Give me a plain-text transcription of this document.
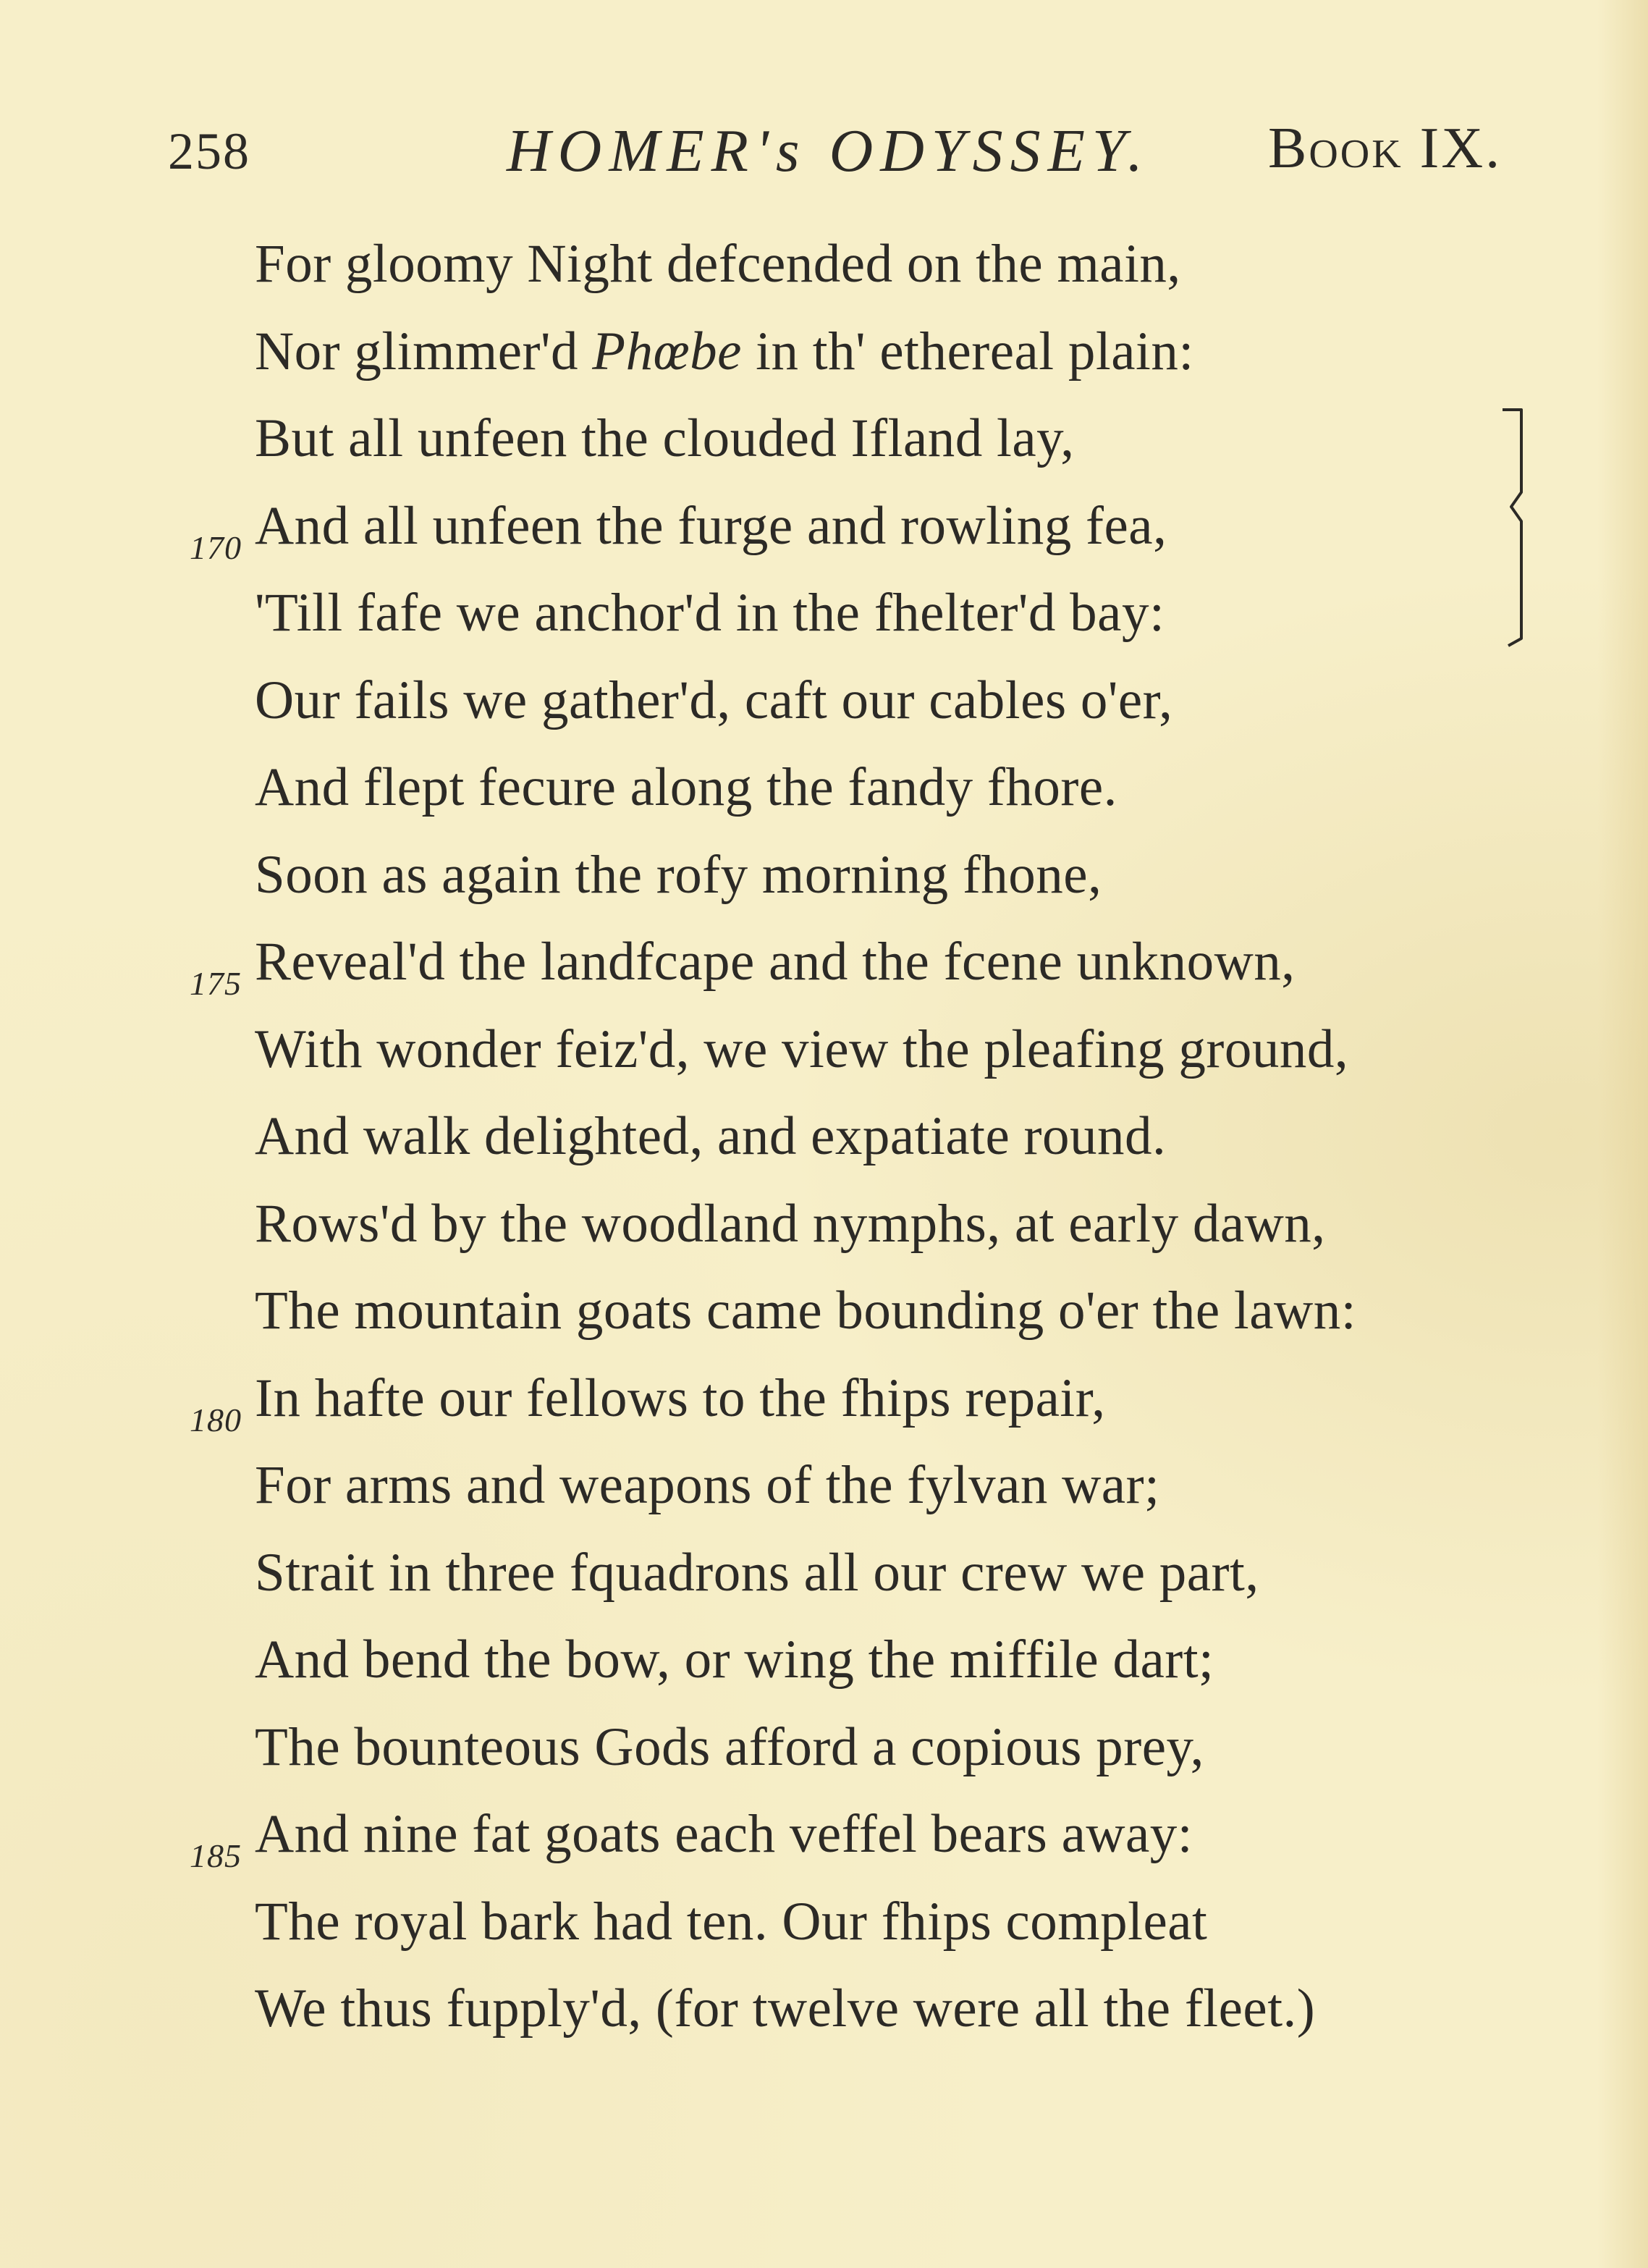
258	HOMER's ODYSSEY. Book IX.
For gloomy Night defcended on the main,
Nor glimmer'd Phœbe in th' ethereal plain:
But all unfeen the clouded Ifland lay,
170 And all unfeen the furge and rowling fea,
'Till fafe we anchor'd in the fhelter'd bay:
Our fails we gather'd, caft our cables o'er,
And flept fecure along the fandy fhore.
Soon as again the rofy morning fhone,
175 Reveal'd the landfcape and the fcene unknown,
With wonder feiz'd, we view the pleafing ground,
And walk delighted, and expatiate round.
Rows'd by the woodland nymphs, at early dawn,
The mountain goats came bounding o'er the lawn:
180 In hafte our fellows to the fhips repair,
For arms and weapons of the fylvan war;
Strait in three fquadrons all our crew we part,
And bend the bow, or wing the miffile dart;
The bounteous Gods afford a copious prey,
185 And nine fat goats each veffel bears away:
The royal bark had ten. Our fhips compleat
We thus fupply'd, (for twelve were all the fleet.)
